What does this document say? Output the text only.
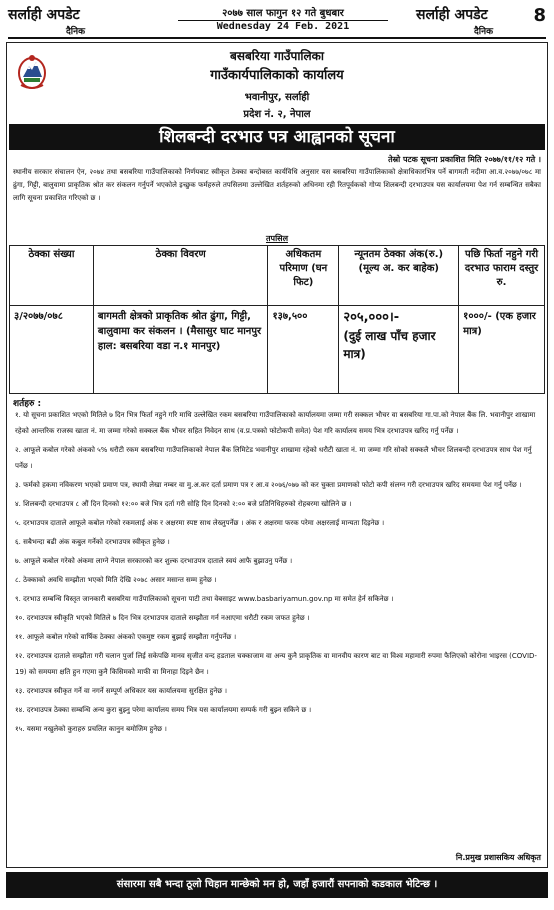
सर्लाही अपडेट
दैनिक
२०७७ साल फागुन १२ गते बुधबार
Wednesday 24 Feb. 2021
सर्लाही अपडेट
दैनिक
8
बसबरिया गाउँपालिका
गाउँकार्यपालिकाको कार्यालय
भवानीपुर, सर्लाही
प्रदेश नं. २, नेपाल
शिलबन्दी दरभाउ पत्र आह्वानको सूचना
तेस्रो पटक सूचना प्रकाशित मिति २०७७/११/१२ गते ।

स्थानीय सरकार संचालन ऐन, २०७४ तथा बसबरिया गाउँपालिकाको निर्णयबाट स्वीकृत ठेक्का बन्दोबस्त कार्यविधि अनुसार यस बसबरिया गाउँपालिकाको क्षेत्राधिकारभित्र पर्ने बागमती नदीमा आ.व.२०७७/०७८ मा ढुंगा, गिट्टी, बालुवामा प्राकृतिक श्रोत कर संकलन गर्नुपर्ने भएकोले इच्छुक फर्महरुले तपसिलमा उल्लेखित शर्तहरुको अधिनमा रही रितपूर्वकको गोप्य शिलबन्दी दरभाउपत्र यस कार्यालयमा पेश गर्न सम्बन्धित सबैका लागि सूचना प्रकाशित गरिएको छ ।

तपसिल
ठेक्का संख्या	ठेक्का विवरण	अधिकतम परिमाण (घन फिट)	न्यूनतम ठेक्का अंक(रु.) (मूल्य अ. कर बाहेक)	पछि फिर्ता नहुने गरी दरभाउ फाराम दस्तुर रु.
३/२०७७/०७८	बागमती क्षेत्रको प्राकृतिक श्रोत ढुंगा, गिट्टी, बालुवामा कर संकलन । (मैसासुर घाट मानपुर हाल: बसबरिया वडा न.१ मानपुर)	१३७,५००	२०५,०००।-
(दुई लाख पाँच हजार मात्र)	१०००/- (एक हजार मात्र)
शर्तहरु :
१. यो सूचना प्रकाशित भएको मितिले ७ दिन भित्र फिर्ता नहुने गरि माथि उल्लेखित रकम बसबरिया गाउँपालिकाको कार्यालयमा जम्मा गरी सक्कल भौचर वा बसबरिया गा.पा.को नेपाल बैंक लि. भवानीपुर शाखामा रहेको आन्तरिक राजस्व खाता नं. मा जम्मा गरेको सक्कल बैंक भौचर सहित निवेदन साथ (व.प्र.पत्रको फोटोकपी समेत) पेश गरि कार्यालय समय भित्र दरभाउपत्र खरिद गर्नु पर्नेछ ।
२. आफूले कबोल गरेको अंकको ५% धरौटी रकम बसबरिया गाउँपालिकाको नेपाल बैंक लिमिटेड भवानीपुर शाखामा रहेको धरौटी खाता नं. मा जम्मा गरि सोको सक्कलै भौचर शिलबन्दी दरभाउपत्र साथ पेश गर्नु पर्नेछ ।
३. फर्मको हकमा नविकरण भएको प्रमाण पत्र, स्थायी लेखा नम्बर वा मु.अ.कर दर्ता प्रमाण पत्र र आ.व २०७६/०७७ को कर चुक्ता प्रमाणको फोटो कपी संलग्न गरी दरभाउपत्र खरिद समयमा पेश गर्नु पर्नेछ ।
४. शिलबन्दी दरभाउपत्र ८ औं दिन दिनको १२:०० बजे भित्र दर्ता गरी सोहि दिन दिनको २:०० बजे प्रतिनिधिहरुको रोहबरमा खोलिने छ ।
५. दरभाउपत्र दाताले आफूले कबोल गरेको रकमलाई अंक र अक्षरमा स्पष्ट साथ लेख्नुपर्नेछ । अंक र अक्षरमा फरक परेमा अक्षरलाई मान्यता दिइनेछ ।
६. सबैभन्दा बढी अंक कबुल गर्नेको दरभाउपत्र स्वीकृत हुनेछ ।
७. आफूले कबोल गरेको अंकमा लाग्ने नेपाल सरकारको कर शुल्क दरभाउपत्र दाताले स्वयं आफै बुझाउनु पर्नेछ ।
८. ठेक्काको अवधि सम्झौता भएको मिति देखि २०७८ असार मसान्त सम्म हुनेछ ।
९. दरभाउ सम्बन्धि विस्तृत जानकारी बसबरिया गाउँपालिकाको सूचना पाटी तथा वेबसाइट www.basbariyamun.gov.np मा समेत हेर्न सकिनेछ ।
१०. दरभाउपत्र स्वीकृति भएको मितिले ७ दिन भित्र दरभाउपत्र दाताले सम्झौता गर्न नआएमा धरौटी रकम जफत हुनेछ ।
११. आफूले कबोल गरेको वार्षिक ठेक्का अंकको एकमुष्ट रकम बुझाई सम्झौता गर्नुपर्नेछ ।
१२. दरभाउपत्र दाताले सम्झौता गरी चलान पुर्जा लिई सकेपछि मानव सृजीत वन्द हडताल चक्काजाम वा अन्य कुनै प्राकृतिक वा मानवीय कारण बाट वा विश्व महामारी रुपमा फैलिएको कोरोना भाइरस (COVID-19) को समयमा क्षति हुन गएमा कुनै किसिमको माफी वा मिनाहा दिइने छैन ।
१३. दरभाउपत्र स्वीकृत गर्ने वा नगर्ने सम्पूर्ण अधिकार यस कार्यालयमा सुरक्षित हुनेछ ।
१४. दरभाउपत्र ठेक्का सम्बन्धि अन्य कुरा बुझ्नु परेमा कार्यालय समय भित्र यस कार्यालयमा सम्पर्क गरी बुझ्न सकिने छ ।
१५. यसमा नखुलेको कुराहरु प्रचलित कानुन बमोजिम हुनेछ ।
नि.प्रमुख प्रशासकिय अधिकृत
संसारमा सबै भन्दा ठूलो चिहान मान्छेको मन हो, जहाँ हजारौं सपनाको कडकाल भेटिन्छ ।
